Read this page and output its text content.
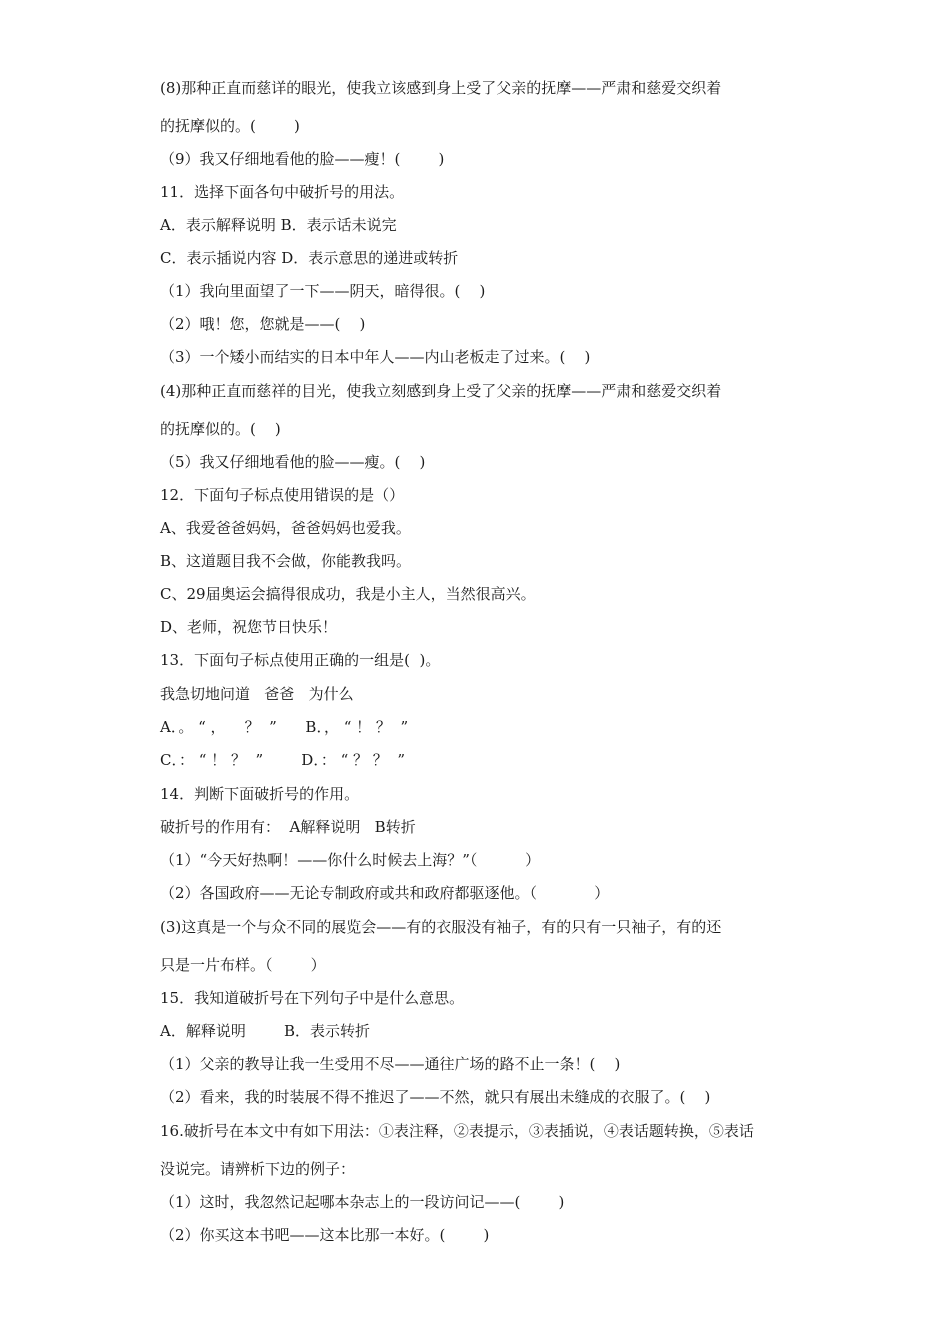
(8)那种正直而慈详的眼光，使我立该感到身上受了父亲的抚摩——严肃和慈爱交织着
的抚摩似的。(        )
（9）我又仔细地看他的脸——瘦！(        )
11．选择下面各句中破折号的用法。
A．表示解释说明 B．表示话未说完
C．表示插说内容 D．表示意思的递进或转折
（1）我向里面望了一下——阴天，暗得很。(    )
（2）哦！您，您就是——(    )
（3）一个矮小而结实的日本中年人——内山老板走了过来。(    )
(4)那种正直而慈祥的目光，使我立刻感到身上受了父亲的抚摩——严肃和慈爱交织着
的抚摩似的。(    )
（5）我又仔细地看他的脸——瘦。(    )
12．下面句子标点使用错误的是（）
A、我爱爸爸妈妈，爸爸妈妈也爱我。
B、这道题目我不会做，你能教我吗。
C、29届奥运会搞得很成功，我是小主人，当然很高兴。
D、老师，祝您节日快乐！
13．下面句子标点使用正确的一组是(  )。
我急切地问道   爸爸   为什么
A．。 “ ，    ？  ”      B．， “ ！ ？  ”
C．： “ ！ ？  ”        D．： “ ？ ？  ”
14．判断下面破折号的作用。
破折号的作用有：  A解释说明   B转折
（1）“今天好热啊！——你什么时候去上海？”（          ）
（2）各国政府——无论专制政府或共和政府都驱逐他。（            ）
(3)这真是一个与众不同的展览会——有的衣服没有袖子，有的只有一只袖子，有的还
只是一片布样。（        ）
15．我知道破折号在下列句子中是什么意思。
A．解释说明        B．表示转折
（1）父亲的教导让我一生受用不尽——通往广场的路不止一条！(    )
（2）看来，我的时装展不得不推迟了——不然，就只有展出未缝成的衣服了。(    )
16.破折号在本文中有如下用法：①表注释，②表提示，③表插说，④表话题转换，⑤表话
没说完。请辨析下边的例子：
（1）这时，我忽然记起哪本杂志上的一段访问记——(        )
（2）你买这本书吧——这本比那一本好。(        )
